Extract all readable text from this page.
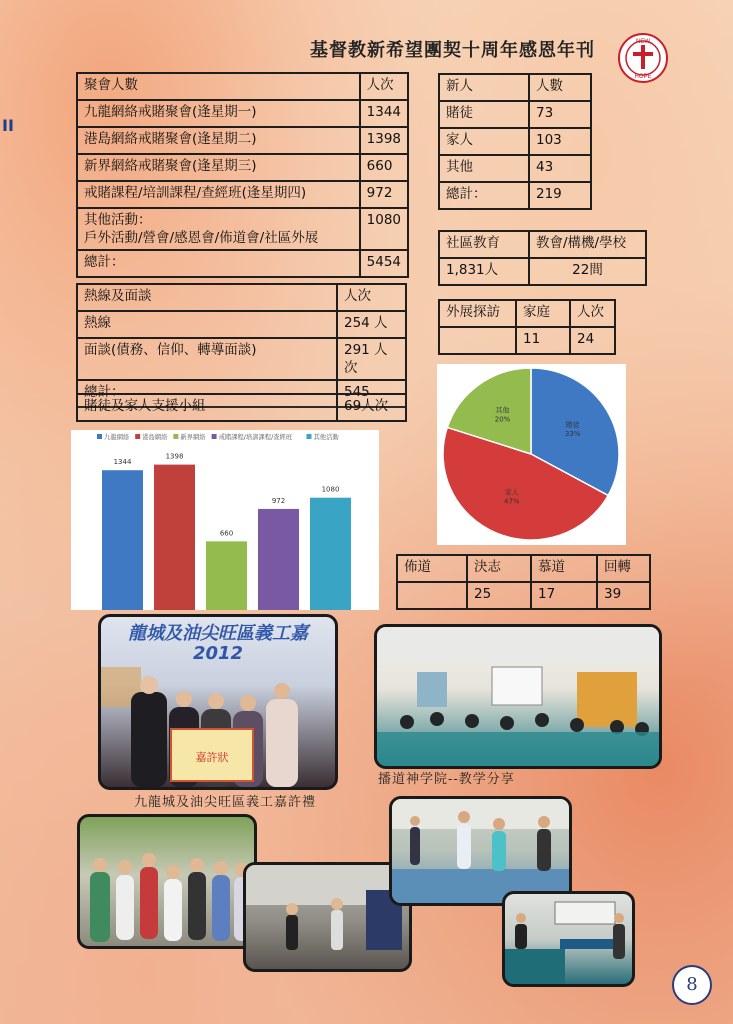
基督教新希望團契十周年感恩年刊	NEW
HOPE
II
聚會人數	人次
九龍網絡戒賭聚會(逢星期一)	1344
港島網絡戒賭聚會(逢星期二)	1398
新界網絡戒賭聚會(逢星期三)	660
戒賭課程/培訓課程/查經班(逢星期四)	972

其他活動：
戶外活動/營會/感恩會/佈道會/社區外展	1080
總計：	5454
新人	人數
賭徒	73
家人	103
其他	43
總計：	219
社區教育	教會/構機/學校
1,831人	22間
外展探訪	家庭	人次
	11	24
熱線及面談	人次
熱線	254 人
面談(債務、信仰、轉導面談)	291 人次
總計：	545
賭徒及家人支援小組	69人次
九龍網絡 港島網絡 新界網絡 戒賭課程/培訓課程/查經班	其他活動
1344
1398
660
972
1080
賭徒
33%
家人
47%
其他
20%
佈道	決志	慕道	回轉
	25	17	39
龍城及油尖旺區義工嘉
2012
嘉許狀
九龍城及油尖旺區義工嘉許禮
播道神学院--教学分享
8
